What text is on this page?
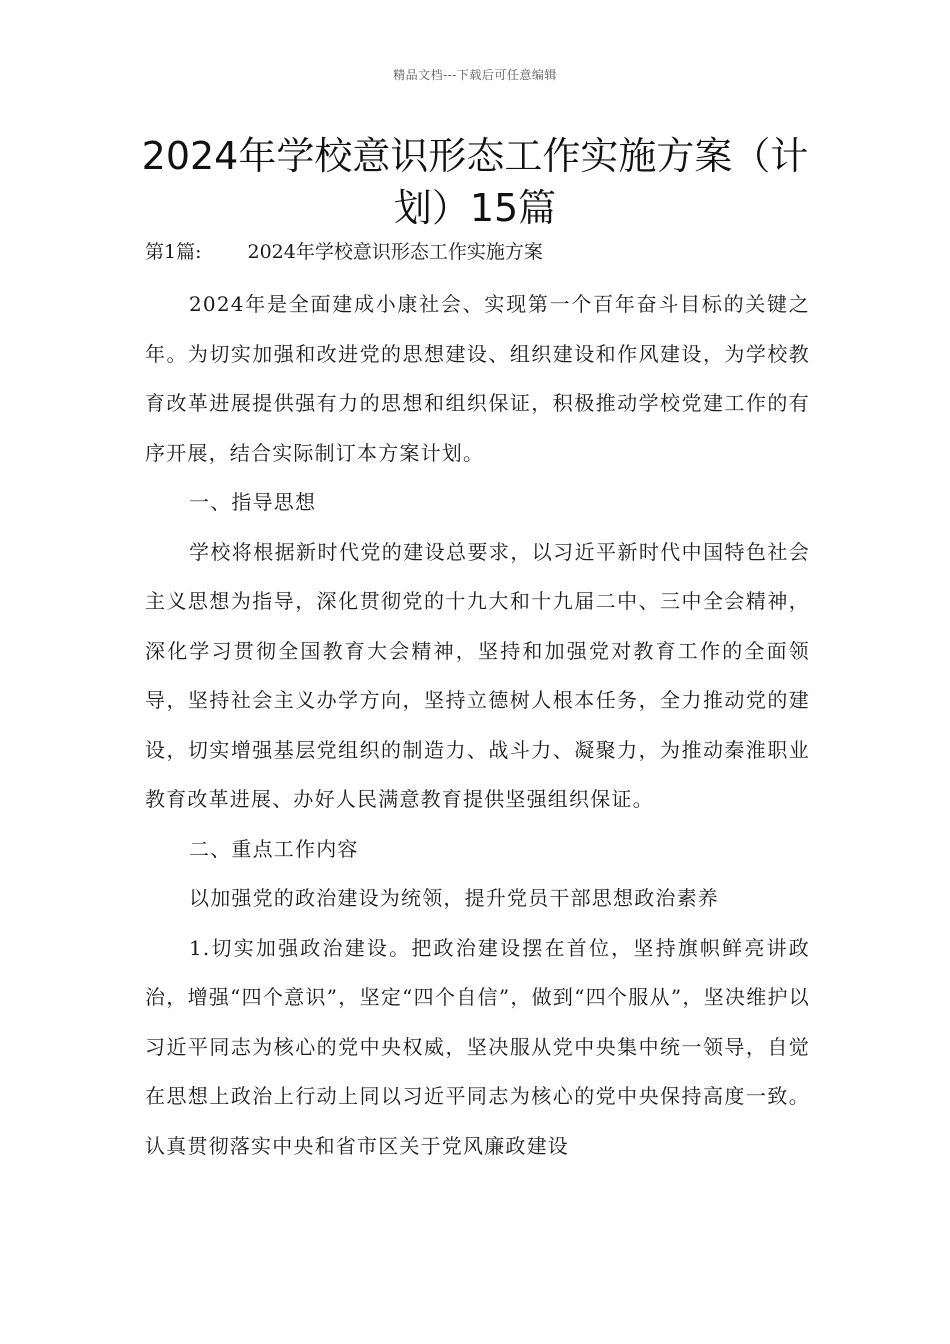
精品文档---下载后可任意编辑
2024年学校意识形态工作实施方案（计划）15篇
第1篇: 2024年学校意识形态工作实施方案

2024年是全面建成小康社会、实现第一个百年奋斗目标的关键之年。为切实加强和改进党的思想建设、组织建设和作风建设，为学校教育改革进展提供强有力的思想和组织保证，积极推动学校党建工作的有序开展，结合实际制订本方案计划。

一、指导思想

学校将根据新时代党的建设总要求，以习近平新时代中国特色社会主义思想为指导，深化贯彻党的十九大和十九届二中、三中全会精神，深化学习贯彻全国教育大会精神，坚持和加强党对教育工作的全面领导，坚持社会主义办学方向，坚持立德树人根本任务，全力推动党的建设，切实增强基层党组织的制造力、战斗力、凝聚力，为推动秦淮职业教育改革进展、办好人民满意教育提供坚强组织保证。

二、重点工作内容

以加强党的政治建设为统领，提升党员干部思想政治素养

1.切实加强政治建设。把政治建设摆在首位，坚持旗帜鲜亮讲政治，增强“四个意识”，坚定“四个自信”，做到“四个服从”，坚决维护以习近平同志为核心的党中央权威，坚决服从党中央集中统一领导，自觉在思想上政治上行动上同以习近平同志为核心的党中央保持高度一致。认真贯彻落实中央和省市区关于党风廉政建设
